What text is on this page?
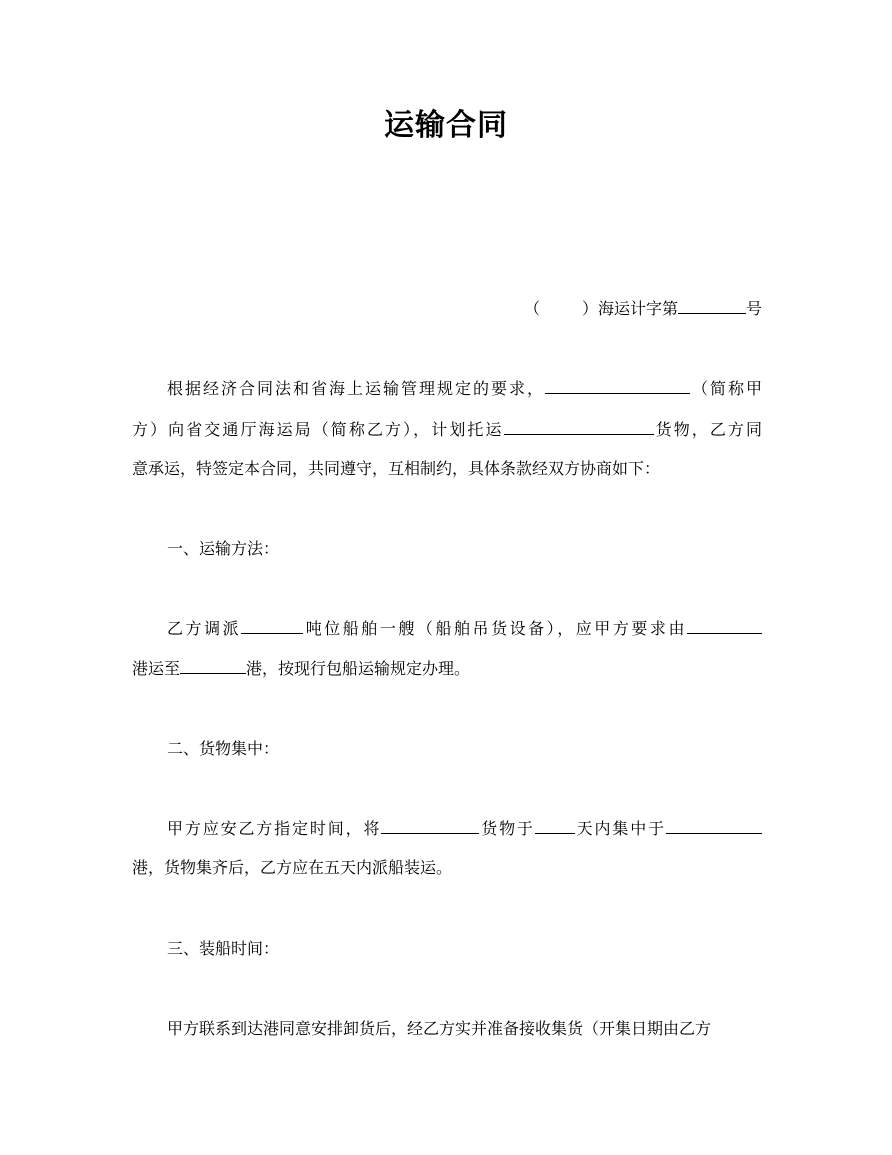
运输合同
（	）海运计字第	号
根据经济合同法和省海上运输管理规定的要求，	（简称甲
方）向省交通厅海运局（简称乙方），计划托运	货物，乙方同
意承运，特签定本合同，共同遵守，互相制约，具体条款经双方协商如下：
一、运输方法：
乙方调派	吨位船舶一艘（船舶吊货设备），应甲方要求由
港运至	港，按现行包船运输规定办理。
二、货物集中：
甲方应安乙方指定时间，将	货物于	天内集中于
港，货物集齐后，乙方应在五天内派船装运。
三、装船时间：
甲方联系到达港同意安排卸货后，经乙方实并准备接收集货（开集日期由乙方
